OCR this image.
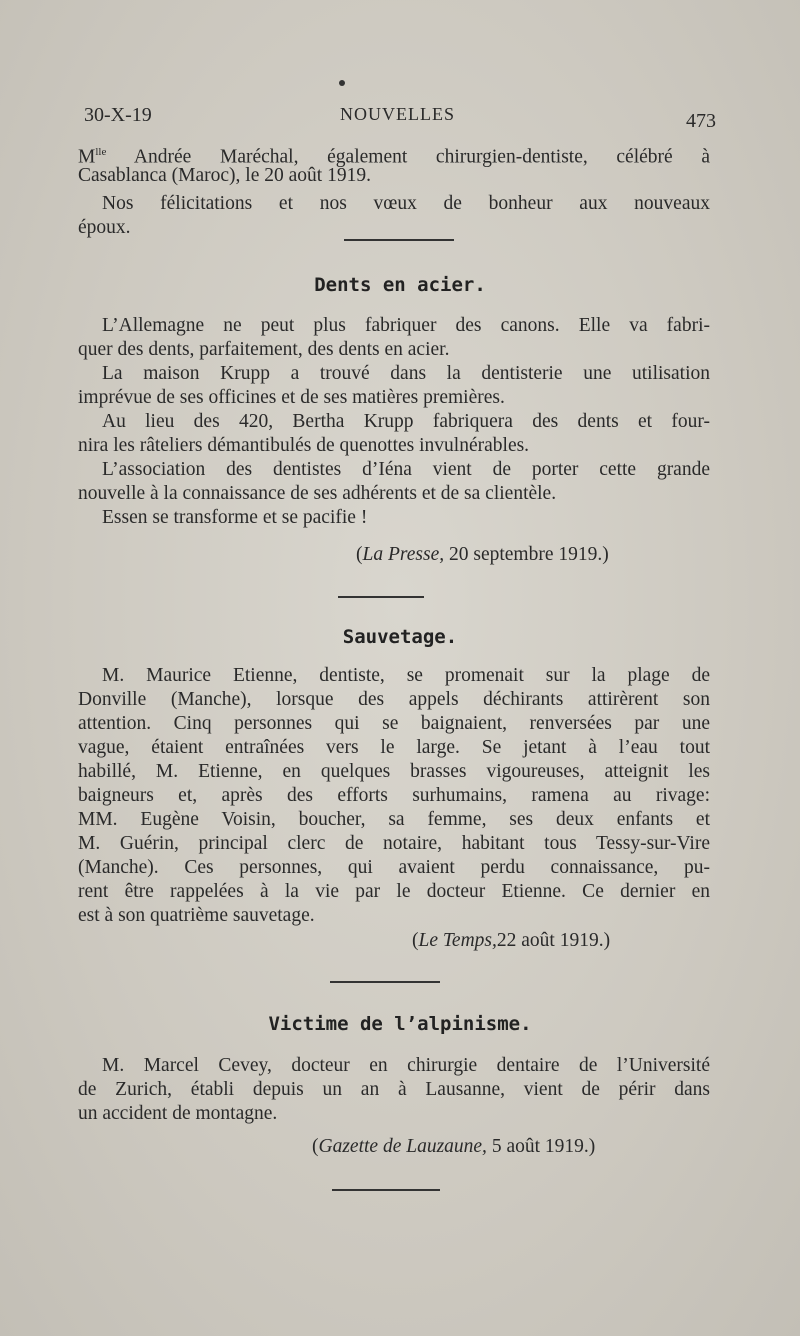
30-X-19	NOUVELLES	473
$M^{lle}$ Andrée Maréchal, également chirurgien-dentiste, célébré à
Casablanca (Maroc), le 20 août 1919.
Nos félicitations et nos vœux de bonheur aux nouveaux
époux.
Dents en acier.
L’Allemagne ne peut plus fabriquer des canons. Elle va fabri-
quer des dents, parfaitement, des dents en acier.
La maison Krupp a trouvé dans la dentisterie une utilisation
imprévue de ses officines et de ses matières premières.
Au lieu des 420, Bertha Krupp fabriquera des dents et four-
nira les râteliers démantibulés de quenottes invulnérables.
L’association des dentistes d’Iéna vient de porter cette grande
nouvelle à la connaissance de ses adhérents et de sa clientèle.
Essen se transforme et se pacifie !
(La Presse, 20 septembre 1919.)
Sauvetage.
M. Maurice Etienne, dentiste, se promenait sur la plage de
Donville (Manche), lorsque des appels déchirants attirèrent son
attention. Cinq personnes qui se baignaient, renversées par une
vague, étaient entraînées vers le large. Se jetant à l’eau tout
habillé, M. Etienne, en quelques brasses vigoureuses, atteignit les
baigneurs et, après des efforts surhumains, ramena au rivage:
MM. Eugène Voisin, boucher, sa femme, ses deux enfants et
M. Guérin, principal clerc de notaire, habitant tous Tessy-sur-Vire
(Manche). Ces personnes, qui avaient perdu connaissance, pu-
rent être rappelées à la vie par le docteur Etienne. Ce dernier en
est à son quatrième sauvetage.
(Le Temps,22 août 1919.)
Victime de l’alpinisme.
M. Marcel Cevey, docteur en chirurgie dentaire de l’Université
de Zurich, établi depuis un an à Lausanne, vient de périr dans
un accident de montagne.
(Gazette de Lauzaune, 5 août 1919.)
